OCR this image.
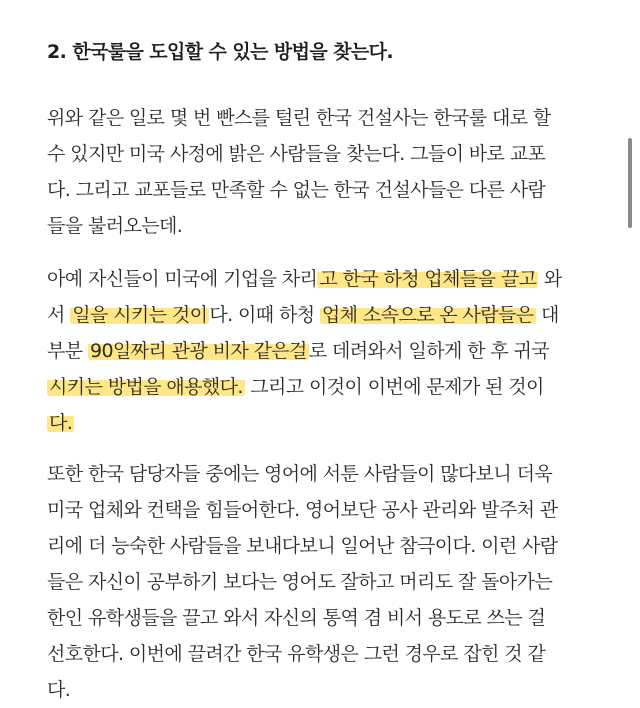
2. 한국룰을 도입할 수 있는 방법을 찾는다.
위와 같은 일로 몇 번 빤스를 털린 한국 건설사는 한국룰 대로 할
수 있지만 미국 사정에 밝은 사람들을 찾는다. 그들이 바로 교포
다. 그리고 교포들로 만족할 수 없는 한국 건설사들은 다른 사람
들을 불러오는데.
아예 자신들이 미국에 기업을 차리 고 한국 하청 업체들을 끌고 와
서 일을 시키는 것이 다. 이때 하청 업체 소속으로 온 사람들은 대
부분 90일짜리 관광 비자 같은걸 로 데려와서 일하게 한 후 귀국
시키는 방법을 애용했다. 그리고 이것이 이번에 문제가 된 것이
다.
또한 한국 담당자들 중에는 영어에 서툰 사람들이 많다보니 더욱
미국 업체와 컨택을 힘들어한다. 영어보단 공사 관리와 발주처 관
리에 더 능숙한 사람들을 보내다보니 일어난 참극이다. 이런 사람
들은 자신이 공부하기 보다는 영어도 잘하고 머리도 잘 돌아가는
한인 유학생들을 끌고 와서 자신의 통역 겸 비서 용도로 쓰는 걸
선호한다. 이번에 끌려간 한국 유학생은 그런 경우로 잡힌 것 같
다.
